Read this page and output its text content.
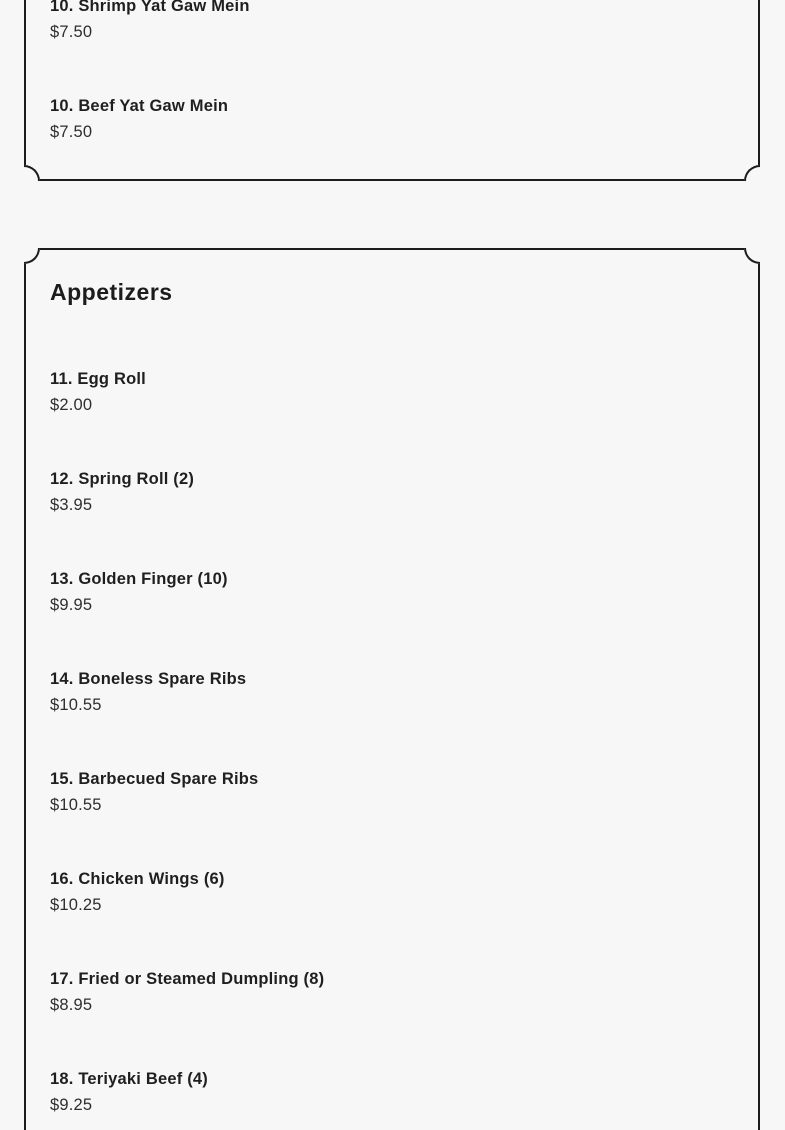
10. Shrimp Yat Gaw Mein
$7.50
10. Beef Yat Gaw Mein
$7.50
Appetizers
11. Egg Roll
$2.00
12. Spring Roll (2)
$3.95
13. Golden Finger (10)
$9.95
14. Boneless Spare Ribs
$10.55
15. Barbecued Spare Ribs
$10.55
16. Chicken Wings (6)
$10.25
17. Fried or Steamed Dumpling (8)
$8.95
18. Teriyaki Beef (4)
$9.25
